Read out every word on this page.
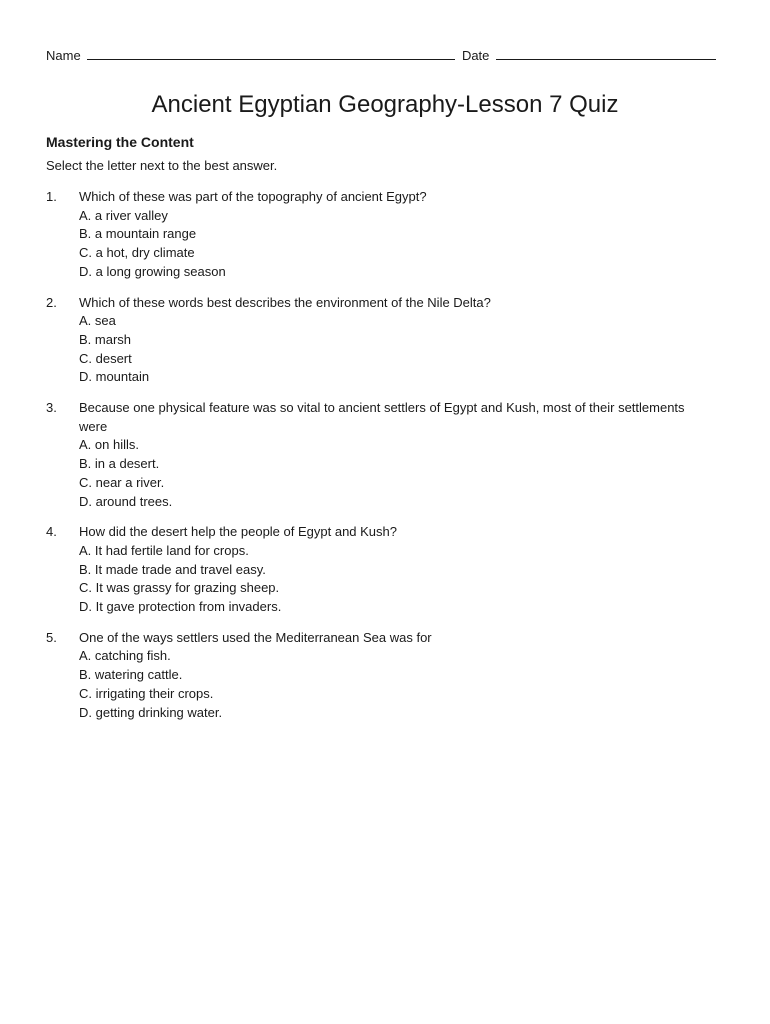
Name	Date
Ancient Egyptian Geography-Lesson 7 Quiz
Mastering the Content

Select the letter next to the best answer.

1. Which of these was part of the topography of ancient Egypt?
A. a river valley
B. a mountain range
C. a hot, dry climate
D. a long growing season
2. Which of these words best describes the environment of the Nile Delta?
A. sea
B. marsh
C. desert
D. mountain
3. Because one physical feature was so vital to ancient settlers of Egypt and Kush, most of their settlements were
A. on hills.
B. in a desert.
C. near a river.
D. around trees.
4. How did the desert help the people of Egypt and Kush?
A. It had fertile land for crops.
B. It made trade and travel easy.
C. It was grassy for grazing sheep.
D. It gave protection from invaders.
5. One of the ways settlers used the Mediterranean Sea was for
A. catching fish.
B. watering cattle.
C. irrigating their crops.
D. getting drinking water.
